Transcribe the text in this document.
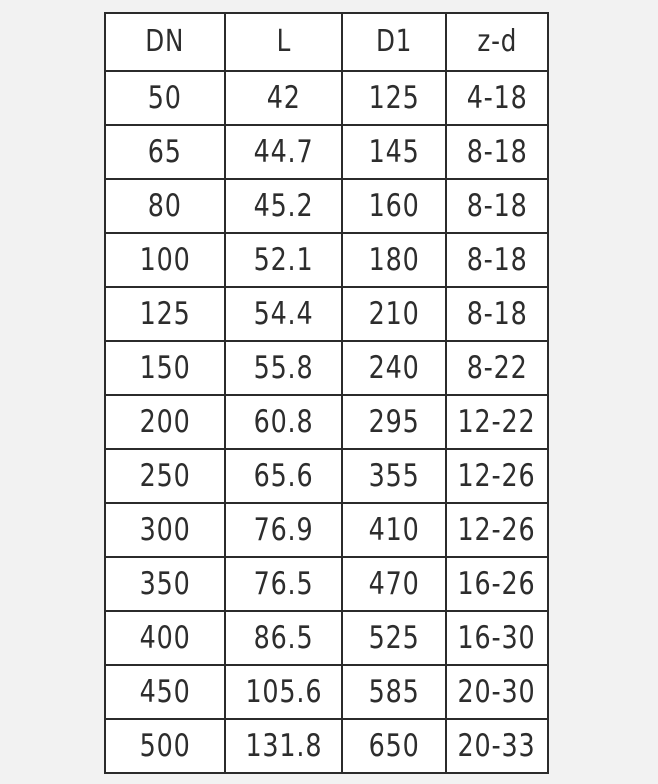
DN	L	D1	z-d
50	42	125	4-18
65	44.7	145	8-18
80	45.2	160	8-18
100	52.1	180	8-18
125	54.4	210	8-18
150	55.8	240	8-22
200	60.8	295	12-22
250	65.6	355	12-26
300	76.9	410	12-26
350	76.5	470	16-26
400	86.5	525	16-30
450	105.6	585	20-30
500	131.8	650	20-33
